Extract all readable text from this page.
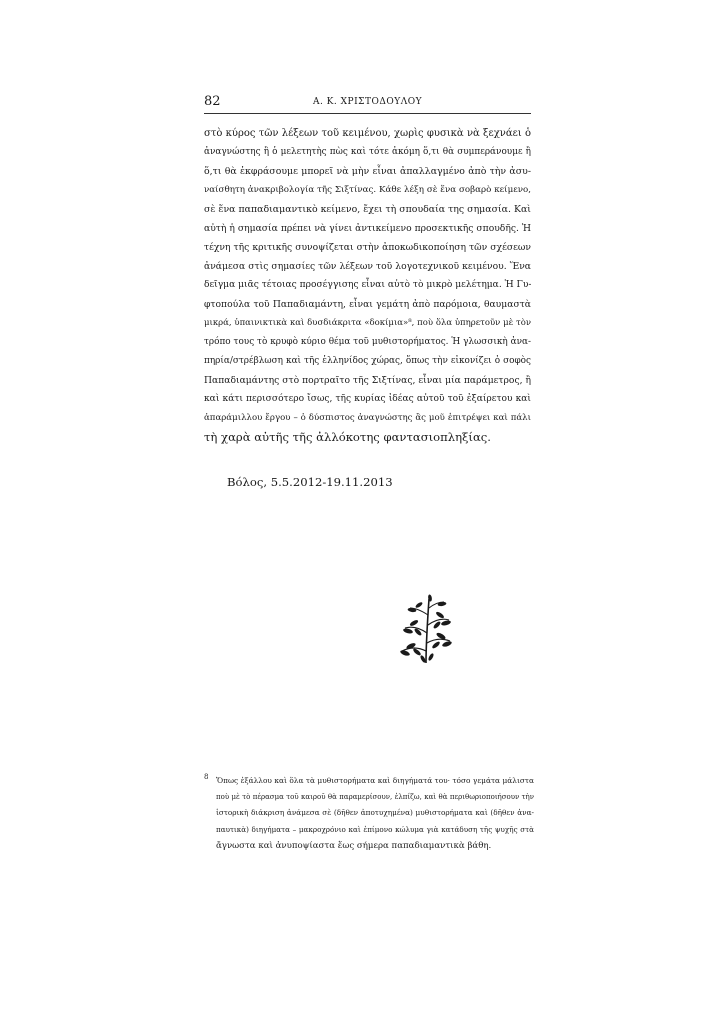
82	Α. Κ. ΧΡΙΣΤΟΔΟΥΛΟΥ
στὸ κύρος τῶν λέξεων τοῦ κειμένου, χωρὶς φυσικὰ νὰ ξεχνάει ὁ
ἀναγνώστης ἢ ὁ μελετητὴς πὼς καὶ τότε ἀκόμη ὅ,τι θὰ συμπεράνουμε ἢ
ὅ,τι θὰ ἐκφράσουμε μπορεῖ νὰ μὴν εἶναι ἀπαλλαγμένο ἀπὸ τὴν ἀσυ-
ναίσθητη ἀνακριβολογία τῆς Σιξτίνας. Κάθε λέξη σὲ ἕνα σοβαρὸ κείμενο,
σὲ ἕνα παπαδιαμαντικὸ κείμενο, ἔχει τὴ σπουδαία της σημασία. Καὶ
αὐτὴ ἡ σημασία πρέπει νὰ γίνει ἀντικείμενο προσεκτικῆς σπουδῆς. Ἡ
τέχνη τῆς κριτικῆς συνοψίζεται στὴν ἀποκωδικοποίηση τῶν σχέσεων
ἀνάμεσα στὶς σημασίες τῶν λέξεων τοῦ λογοτεχνικοῦ κειμένου. Ἕνα
δεῖγμα μιᾶς τέτοιας προσέγγισης εἶναι αὐτὸ τὸ μικρὸ μελέτημα. Ἡ Γυ-
φτοπούλα τοῦ Παπαδιαμάντη, εἶναι γεμάτη ἀπὸ παρόμοια, θαυμαστὰ
μικρά, ὑπαινικτικὰ καὶ δυσδιάκριτα «δοκίμια»⁸, ποὺ ὅλα ὑπηρετοῦν μὲ τὸν
τρόπο τους τὸ κρυφὸ κύριο θέμα τοῦ μυθιστορήματος. Ἡ γλωσσικὴ ἀνα-
πηρία/στρέβλωση καὶ τῆς ἑλληνίδος χώρας, ὅπως τὴν εἰκονίζει ὁ σοφὸς
Παπαδιαμάντης στὸ πορτραῖτο τῆς Σιξτίνας, εἶναι μία παράμετρος, ἢ
καὶ κάτι περισσότερο ἴσως, τῆς κυρίας ἰδέας αὐτοῦ τοῦ ἐξαίρετου καὶ
ἀπαράμιλλου ἔργου – ὁ δύσπιστος ἀναγνώστης ἂς μοῦ ἐπιτρέψει καὶ πάλι
τὴ χαρὰ αὐτῆς τῆς ἀλλόκοτης φαντασιοπληξίας.
Βόλος, 5.5.2012-19.11.2013
8 Ὅπως ἐξάλλου καὶ ὅλα τὰ μυθιστορήματα καὶ διηγήματά του· τόσο γεμάτα μάλιστα
ποὺ μὲ τὸ πέρασμα τοῦ καιροῦ θὰ παραμερίσουν, ἐλπίζω, καὶ θὰ περιθωριοποιήσουν τὴν
ἱστορικὴ διάκριση ἀνάμεσα σὲ (δῆθεν ἀποτυχημένα) μυθιστορήματα καὶ (δῆθεν ἀνα-
παυτικὰ) διηγήματα – μακροχρόνιο καὶ ἐπίμονο κώλυμα γιὰ κατάδυση τῆς ψυχῆς στὰ
ἄγνωστα καὶ ἀνυποψίαστα ἕως σήμερα παπαδιαμαντικὰ βάθη.
